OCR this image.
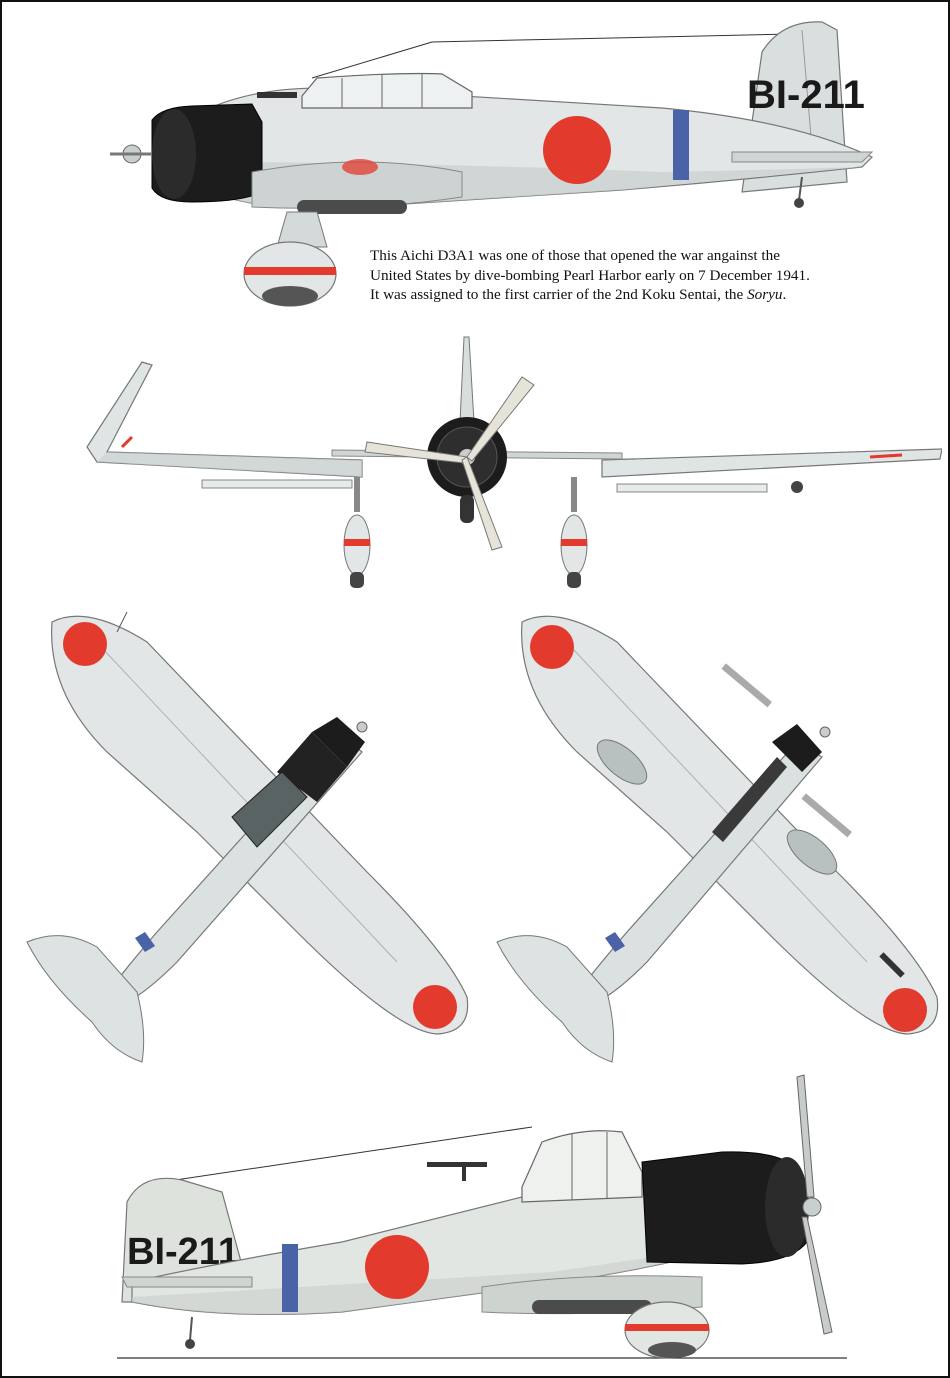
BI-211
This Aichi D3A1 was one of those that opened the war angainst the
United States by dive-bombing Pearl Harbor early on 7 December 1941.
It was assigned to the first carrier of the 2nd Koku Sentai, the Soryu.
BI-211
